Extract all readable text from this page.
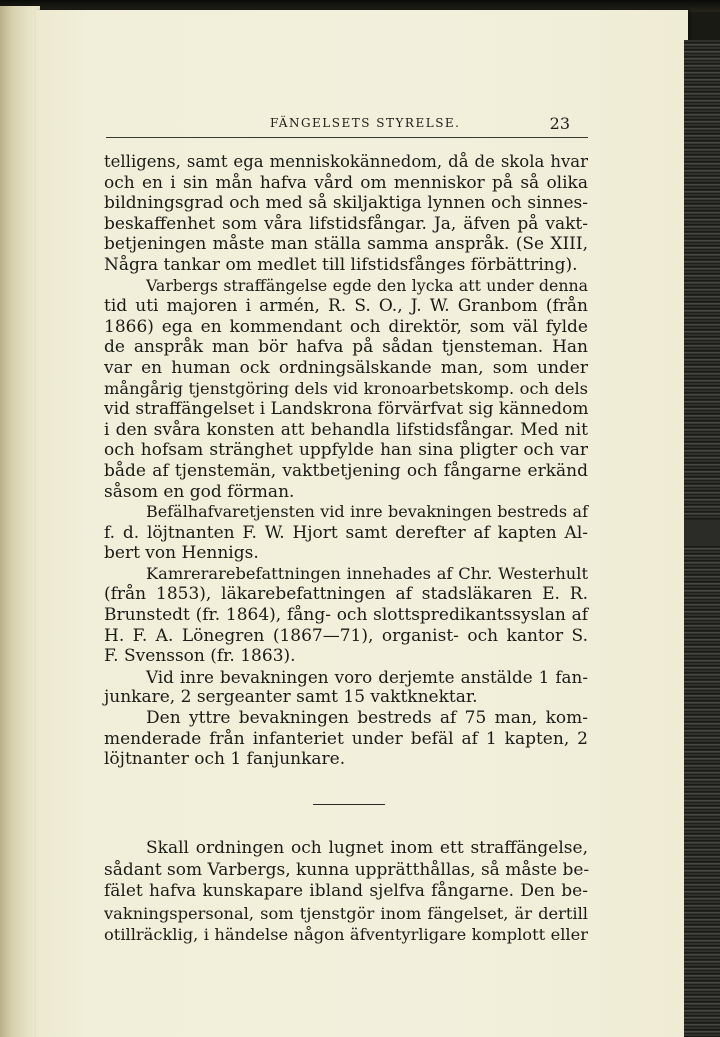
FÄNGELSETS STYRELSE.	23
telligens, samt ega menniskokännedom, då de skola hvar
och en i sin mån hafva vård om menniskor på så olika
bildningsgrad och med så skiljaktiga lynnen och sinnes-
beskaffenhet som våra lifstidsfångar. Ja, äfven på vakt-
betjeningen måste man ställa samma anspråk. (Se XIII,
Några tankar om medlet till lifstidsfånges förbättring).
Varbergs straffängelse egde den lycka att under denna
tid uti majoren i armén, R. S. O., J. W. Granbom (från
1866) ega en kommendant och direktör, som väl fylde
de anspråk man bör hafva på sådan tjensteman. Han
var en human ock ordningsälskande man, som under
mångårig tjenstgöring dels vid kronoarbetskomp. och dels
vid straffängelset i Landskrona förvärfvat sig kännedom
i den svåra konsten att behandla lifstidsfångar. Med nit
och hofsam stränghet uppfylde han sina pligter och var
både af tjenstemän, vaktbetjening och fångarne erkänd
såsom en god förman.
Befälhafvaretjensten vid inre bevakningen bestreds af
f. d. löjtnanten F. W. Hjort samt derefter af kapten Al-
bert von Hennigs.
Kamrerarebefattningen innehades af Chr. Westerhult
(från 1853), läkarebefattningen af stadsläkaren E. R.
Brunstedt (fr. 1864), fång- och slottspredikantssyslan af
H. F. A. Lönegren (1867—71), organist- och kantor S.
F. Svensson (fr. 1863).
Vid inre bevakningen voro derjemte anstälde 1 fan-
junkare, 2 sergeanter samt 15 vaktknektar.
Den yttre bevakningen bestreds af 75 man, kom-
menderade från infanteriet under befäl af 1 kapten, 2
löjtnanter och 1 fanjunkare.
Skall ordningen och lugnet inom ett straffängelse,
sådant som Varbergs, kunna upprätthållas, så måste be-
fälet hafva kunskapare ibland sjelfva fångarne. Den be-
vakningspersonal, som tjenstgör inom fängelset, är dertill
otillräcklig, i händelse någon äfventyrligare komplott eller
